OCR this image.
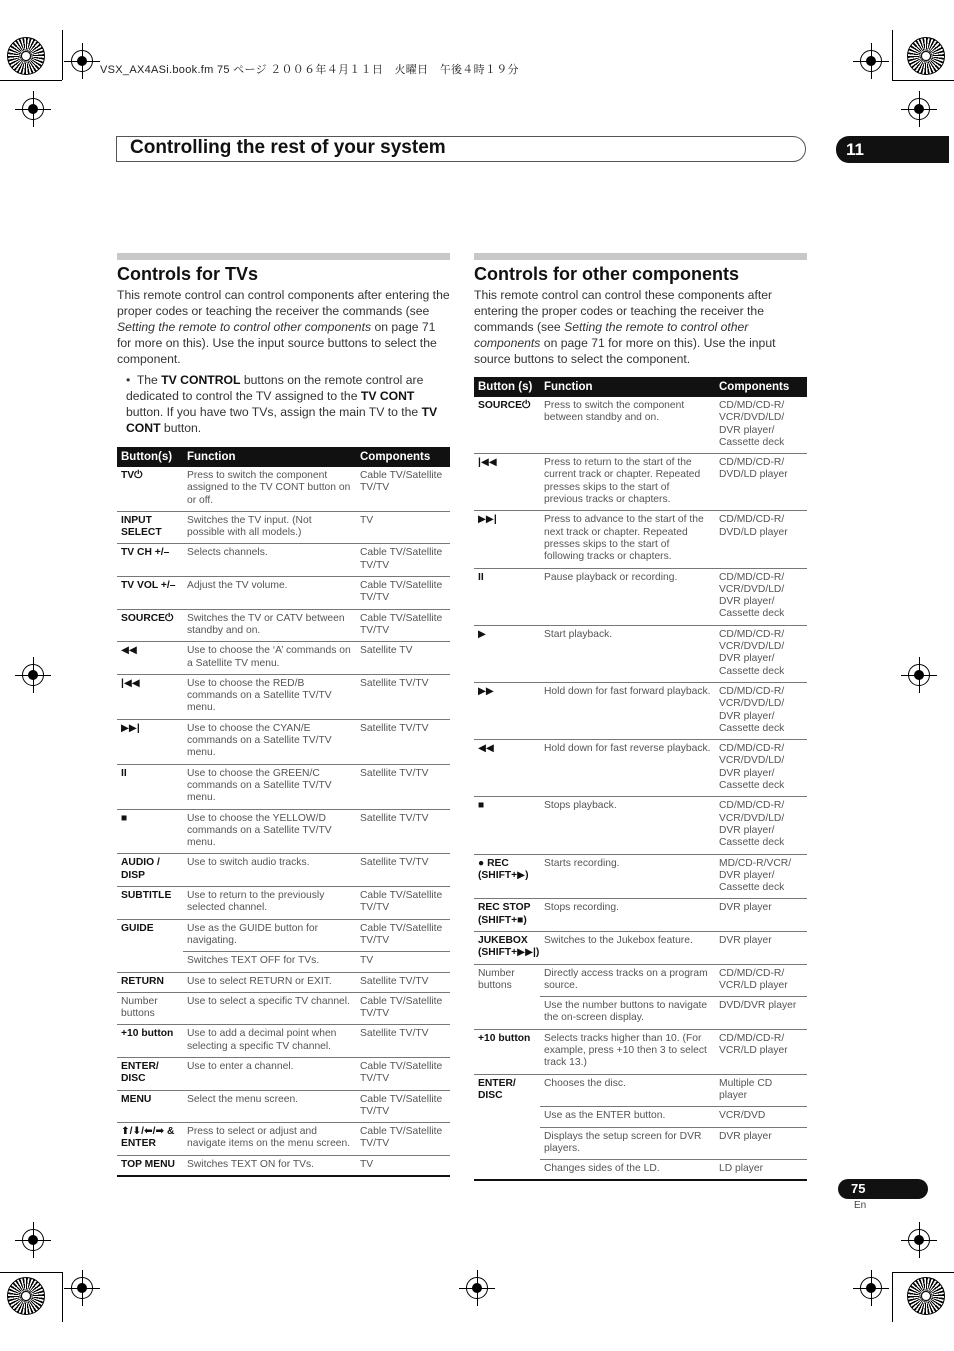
VSX_AX4ASi.book.fm 75 ページ ２００６年４月１１日　火曜日　午後４時１９分
Controlling the rest of your system	11
Controls for TVs
This remote control can control components after entering the proper codes or teaching the receiver the commands (see Setting the remote to control other components on page 71 for more on this). Use the input source buttons to select the component.
•  The TV CONTROL buttons on the remote control are dedicated to control the TV assigned to the TV CONT button. If you have two TVs, assign the main TV to the TV CONT button.
Button(s)	Function	Components
TV⏻	Press to switch the component assigned to the TV CONT button on or off.	Cable TV/Satellite TV/TV
INPUT SELECT	Switches the TV input. (Not possible with all models.)	TV
TV CH +/–	Selects channels.	Cable TV/Satellite TV/TV
TV VOL +/–	Adjust the TV volume.	Cable TV/Satellite TV/TV
SOURCE⏻	Switches the TV or CATV between standby and on.	Cable TV/Satellite TV/TV
◀◀	Use to choose the ‘A’ commands on a Satellite TV menu.	Satellite TV
|◀◀	Use to choose the RED/B commands on a Satellite TV/TV menu.	Satellite TV/TV
▶▶|	Use to choose the CYAN/E commands on a Satellite TV/TV menu.	Satellite TV/TV
II	Use to choose the GREEN/C commands on a Satellite TV/TV menu.	Satellite TV/TV
■	Use to choose the YELLOW/D commands on a Satellite TV/TV menu.	Satellite TV/TV
AUDIO / DISP	Use to switch audio tracks.	Satellite TV/TV
SUBTITLE	Use to return to the previously selected channel.	Cable TV/Satellite TV/TV
GUIDE	Use as the GUIDE button for navigating.	Cable TV/Satellite TV/TV
	Switches TEXT OFF for TVs.	TV
RETURN	Use to select RETURN or EXIT.	Satellite TV/TV
Number buttons	Use to select a specific TV channel.	Cable TV/Satellite TV/TV
+10 button	Use to add a decimal point when selecting a specific TV channel.	Satellite TV/TV
ENTER/ DISC	Use to enter a channel.	Cable TV/Satellite TV/TV
MENU	Select the menu screen.	Cable TV/Satellite TV/TV
⬆/⬇/⬅/➡ & ENTER	Press to select or adjust and navigate items on the menu screen.	Cable TV/Satellite TV/TV
TOP MENU	Switches TEXT ON for TVs.	TV
Controls for other components
This remote control can control these components after entering the proper codes or teaching the receiver the commands (see Setting the remote to control other components on page 71 for more on this). Use the input source buttons to select the component.
Button (s)	Function	Components
SOURCE⏻	Press to switch the component between standby and on.	CD/MD/CD-R/ VCR/DVD/LD/ DVR player/ Cassette deck
|◀◀	Press to return to the start of the current track or chapter. Repeated presses skips to the start of previous tracks or chapters.	CD/MD/CD-R/ DVD/LD player
▶▶|	Press to advance to the start of the next track or chapter. Repeated presses skips to the start of following tracks or chapters.	CD/MD/CD-R/ DVD/LD player
II	Pause playback or recording.	CD/MD/CD-R/ VCR/DVD/LD/ DVR player/ Cassette deck
▶	Start playback.	CD/MD/CD-R/ VCR/DVD/LD/ DVR player/ Cassette deck
▶▶	Hold down for fast forward playback.	CD/MD/CD-R/ VCR/DVD/LD/ DVR player/ Cassette deck
◀◀	Hold down for fast reverse playback.	CD/MD/CD-R/ VCR/DVD/LD/ DVR player/ Cassette deck
■	Stops playback.	CD/MD/CD-R/ VCR/DVD/LD/ DVR player/ Cassette deck
● REC (SHIFT+▶)	Starts recording.	MD/CD-R/VCR/ DVR player/ Cassette deck
REC STOP (SHIFT+■)	Stops recording.	DVR player
JUKEBOX (SHIFT+▶▶|)	Switches to the Jukebox feature.	DVR player
Number buttons	Directly access tracks on a program source.	CD/MD/CD-R/ VCR/LD player
	Use the number buttons to navigate the on-screen display.	DVD/DVR player
+10 button	Selects tracks higher than 10. (For example, press +10 then 3 to select track 13.)	CD/MD/CD-R/ VCR/LD player
ENTER/ DISC	Chooses the disc.	Multiple CD player
	Use as the ENTER button.	VCR/DVD
	Displays the setup screen for DVR players.	DVR player
	Changes sides of the LD.	LD player
75
En
